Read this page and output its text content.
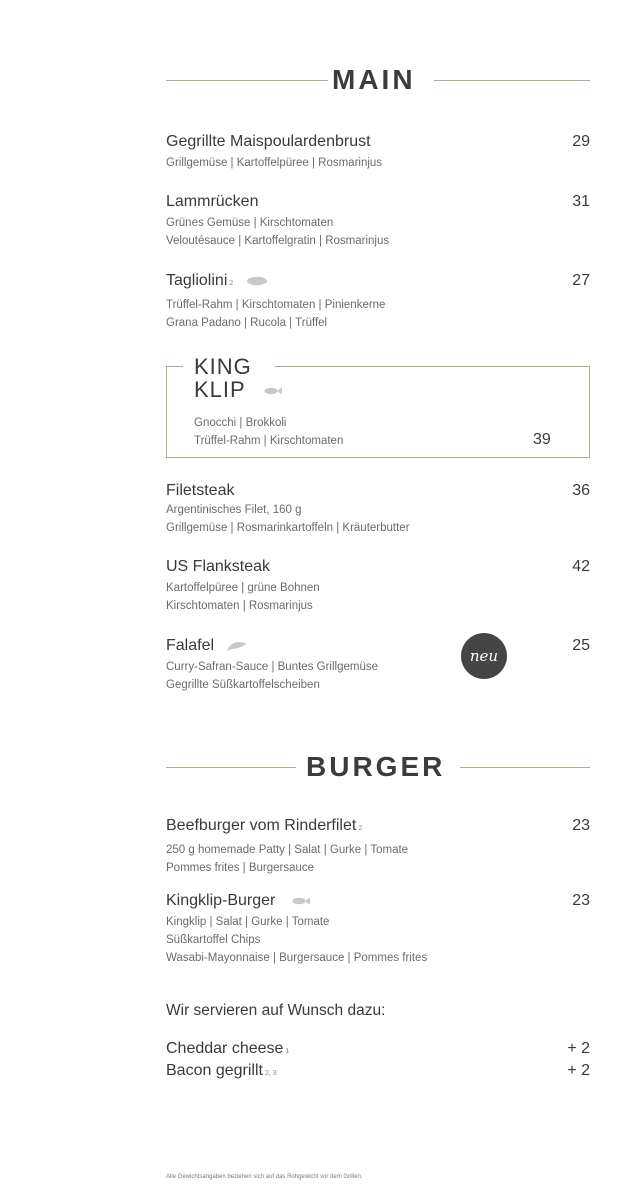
MAIN
Gegrillte Maispoulardenbrust	29
Grillgemüse | Kartoffelpüree | Rosmarinjus
Lammrücken	31
Grünes Gemüse | Kirschtomaten
Veloutésauce | Kartoffelgratin | Rosmarinjus
Tagliolini 2	27
Trüffel-Rahm | Kirschtomaten | Pinienkerne
Grana Padano | Rucola | Trüffel
KING
KLIP
Gnocchi | Brokkoli
Trüffel-Rahm | Kirschtomaten	39
Filetsteak	36
Argentinisches Filet, 160 g
Grillgemüse | Rosmarinkartoffeln | Kräuterbutter
US Flanksteak	42
Kartoffelpüree | grüne Bohnen
Kirschtomaten | Rosmarinjus
Falafel	25
Curry-Safran-Sauce | Buntes Grillgemüse
Gegrillte Süßkartoffelscheiben
neu
BURGER
Beefburger vom Rinderfilet 2	23
250 g homemade Patty | Salat | Gurke | Tomate
Pommes frites | Burgersauce
Kingklip-Burger	23
Kingklip | Salat | Gurke | Tomate
Süßkartoffel Chips
Wasabi-Mayonnaise | Burgersauce | Pommes frites
Wir servieren auf Wunsch dazu:
Cheddar cheese 1	+ 2
Bacon gegrillt 2, 3	+ 2
Alle Gewichtsangaben beziehen sich auf das Rohgewicht vor dem Grillen.
